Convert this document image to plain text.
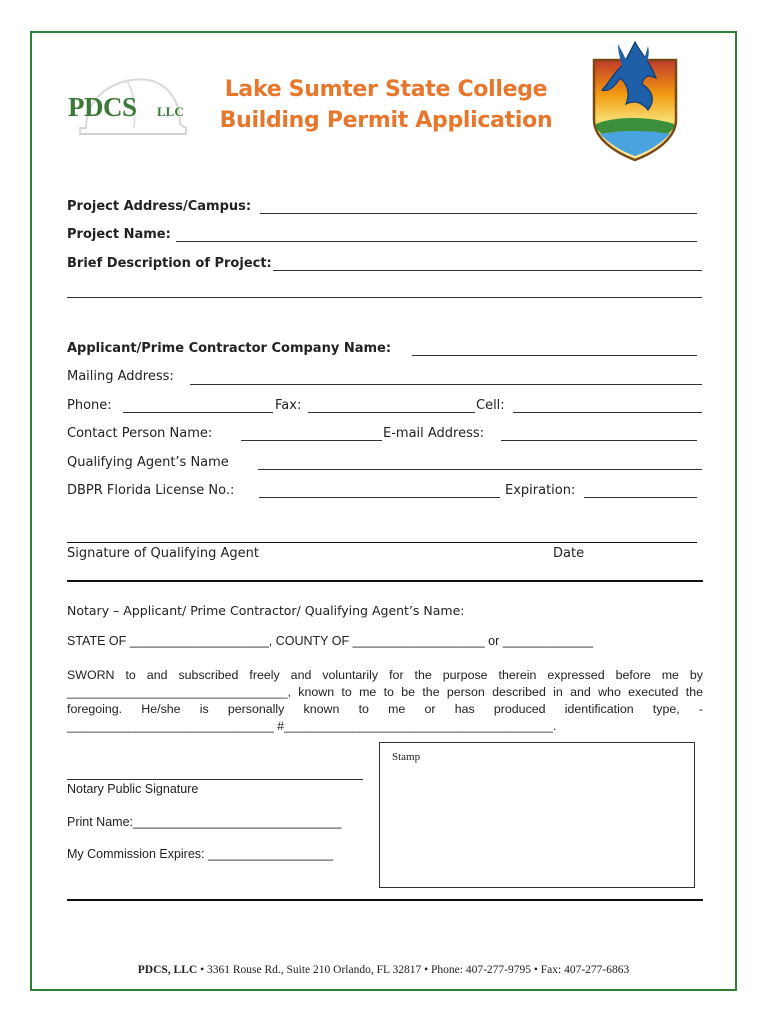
PDCS LLC
Lake Sumter State College
Building Permit Application
Project Address/Campus:
Project Name:
Brief Description of Project:
Applicant/Prime Contractor Company Name:
Mailing Address:
Phone:	Fax:	Cell:
Contact Person Name:	E-mail Address:
Qualifying Agent’s Name
DBPR Florida License No.:	Expiration:
Signature of Qualifying Agent	Date
Notary – Applicant/ Prime Contractor/ Qualifying Agent’s Name:
STATE OF ____________________, COUNTY OF ___________________ or _____________
SWORN to and subscribed freely and voluntarily for the purpose therein expressed before me by ________________________________, known to me to be the person described in and who executed the foregoing. He/she is personally known to me or has produced identification type, - ______________________________ #_______________________________________.
Notary Public Signature
Print Name:______________________________
My Commission Expires: __________________
Stamp
PDCS, LLC • 3361 Rouse Rd., Suite 210 Orlando, FL 32817 • Phone: 407-277-9795 • Fax: 407-277-6863
